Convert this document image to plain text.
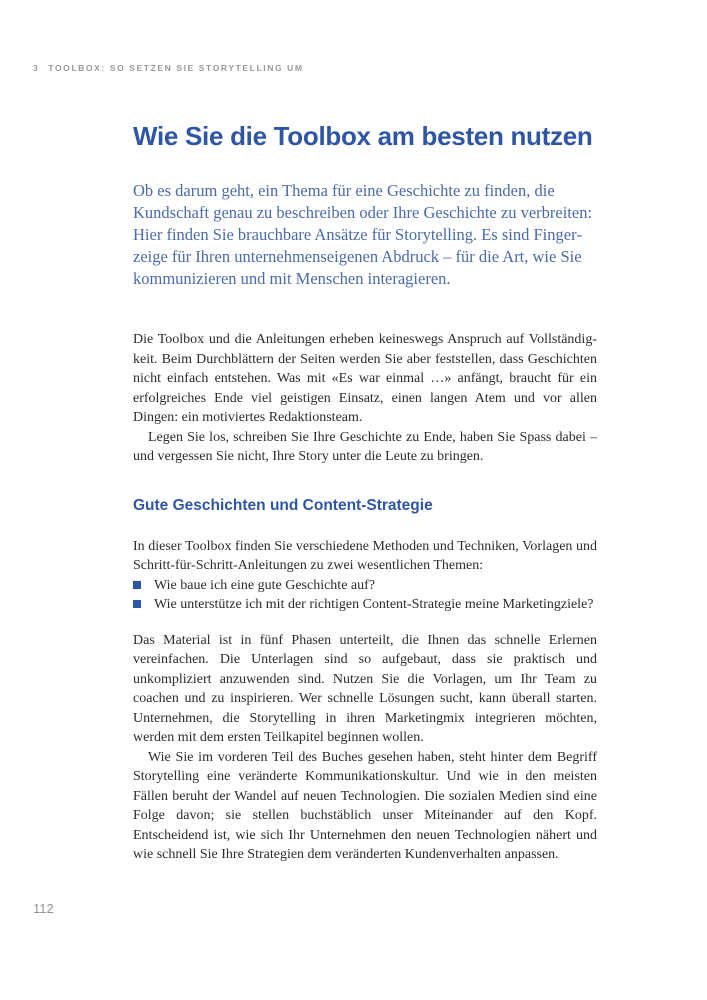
3 TOOLBOX: SO SETZEN SIE STORYTELLING UM
Wie Sie die Toolbox am besten nutzen

Ob es darum geht, ein Thema für eine Geschichte zu finden, die Kundschaft genau zu beschreiben oder Ihre Geschichte zu verbreiten: Hier finden Sie brauchbare Ansätze für Storytelling. Es sind Fingerzeige für Ihren unternehmenseigenen Abdruck – für die Art, wie Sie kommunizieren und mit Menschen interagieren.

Die Toolbox und die Anleitungen erheben keineswegs Anspruch auf Vollständigkeit. Beim Durchblättern der Seiten werden Sie aber feststellen, dass Geschichten nicht einfach entstehen. Was mit «Es war einmal …» anfängt, braucht für ein erfolgreiches Ende viel geistigen Einsatz, einen langen Atem und vor allen Dingen: ein motiviertes Redaktionsteam.

Legen Sie los, schreiben Sie Ihre Geschichte zu Ende, haben Sie Spass dabei – und vergessen Sie nicht, Ihre Story unter die Leute zu bringen.

Gute Geschichten und Content-Strategie

In dieser Toolbox finden Sie verschiedene Methoden und Techniken, Vorlagen und Schritt-für-Schritt-Anleitungen zu zwei wesentlichen Themen:

Wie baue ich eine gute Geschichte auf?
Wie unterstütze ich mit der richtigen Content-Strategie meine Marketingziele?

Das Material ist in fünf Phasen unterteilt, die Ihnen das schnelle Erlernen vereinfachen. Die Unterlagen sind so aufgebaut, dass sie praktisch und unkompliziert anzuwenden sind. Nutzen Sie die Vorlagen, um Ihr Team zu coachen und zu inspirieren. Wer schnelle Lösungen sucht, kann überall starten. Unternehmen, die Storytelling in ihren Marketingmix integrieren möchten, werden mit dem ersten Teilkapitel beginnen wollen.

Wie Sie im vorderen Teil des Buches gesehen haben, steht hinter dem Begriff Storytelling eine veränderte Kommunikationskultur. Und wie in den meisten Fällen beruht der Wandel auf neuen Technologien. Die sozialen Medien sind eine Folge davon; sie stellen buchstäblich unser Miteinander auf den Kopf. Entscheidend ist, wie sich Ihr Unternehmen den neuen Technologien nähert und wie schnell Sie Ihre Strategien dem veränderten Kundenverhalten anpassen.

112
